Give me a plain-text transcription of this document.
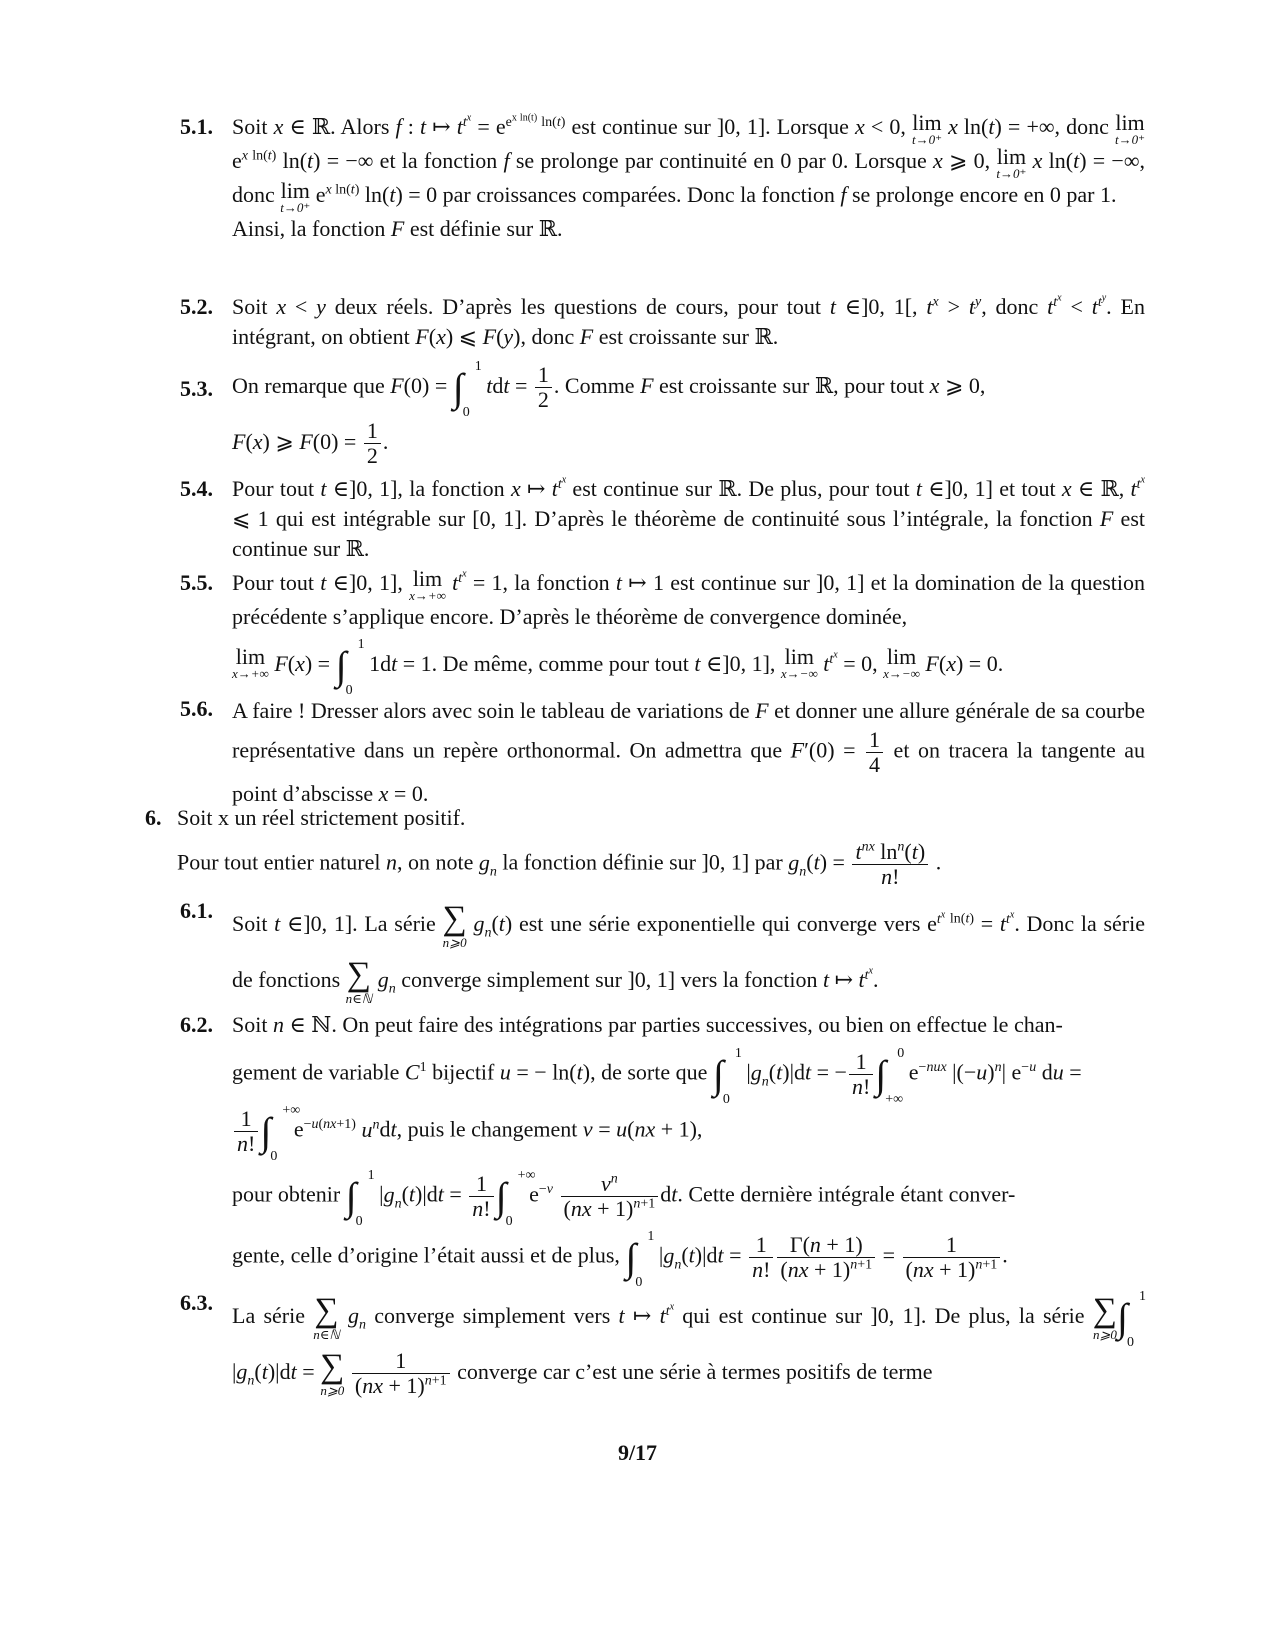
5.1. Soit x ∈ ℝ. Alors f : t ↦ $t^{t^x} = e^{e^{x ln(t)} ln(t)}$ est continue sur ]0, 1]. Lorsque x < 0, lim
t→0⁺
x ln(t) = +∞, donc lim
t→0⁺
$e^{x ln(t)}$ ln(t) = −∞ et la fonction f se prolonge par continuité en 0 par 0. Lorsque x ⩾ 0, lim
t→0⁺
x ln(t) = −∞, donc lim
t→0⁺
$e^{x ln(t)}$ ln(t) = 0 par croissances comparées. Donc la fonction f se prolonge encore en 0 par 1.
Ainsi, la fonction F est définie sur ℝ.
5.2. Soit x < y deux réels. D’après les questions de cours, pour tout t ∈]0, 1[, $t^x > t^y$, donc $t^{t^x} < t^{t^y}$. En intégrant, on obtient F(x) ⩽ F(y), donc F est croissante sur ℝ.
5.3. On remarque que F(0) = ∫ 1
0
tdt = $\frac{1}{2}$ . Comme F est croissante sur ℝ, pour tout x ⩾ 0,
F(x) ⩾ $F(0) = \frac{1}{2}$ .
5.4. Pour tout t ∈]0, 1], la fonction x ↦ $t^{t^x}$ est continue sur ℝ. De plus, pour tout t ∈]0, 1] et tout x ∈ ℝ, $t^{t^x}$ ⩽ 1 qui est intégrable sur [0, 1]. D’après le théorème de continuité sous l’intégrale, la fonction F est continue sur ℝ.
5.5. Pour tout t ∈]0, 1], lim
x→+∞
$t^{t^x} = 1$, la fonction t ↦ 1 est continue sur ]0, 1] et la domination de la question précédente s’applique encore. D’après le théorème de convergence dominée,
lim
x→+∞ F(x) = ∫ 1
0
1dt = 1. De même, comme pour tout t ∈]0, 1], lim
x→−∞ $t^{t^x} = 0$, lim
x→−∞ F(x) = 0.
5.6. A faire ! Dresser alors avec soin le tableau de variations de F et donner une allure générale de sa courbe représentative dans un repère orthonormal. On admettra que $F'(0) = \frac{1}{4}$ et on tracera la tangente au point d’abscisse x = 0.
6. Soit x un réel strictement positif.
Pour tout entier naturel n, on note $g_n$ la fonction définie sur ]0, 1] par $g_n(t) = \frac{t^{nx} \ln^n(t)}{n!}$ .
6.1.
Soit t ∈]0, 1]. La série ∑
n⩾0
$g_n(t)$ est une série exponentielle qui converge vers $e^{t^x ln(t)} = t^{t^x}$. Donc la série de fonctions ∑
n∈ℕ
$g_n$ converge simplement sur ]0, 1] vers la fonction t ↦ $t^{t^x}$.
6.2. Soit n ∈ ℕ. On peut faire des intégrations par parties successives, ou bien on effectue le chan-
gement de variable $C^1$ bijectif u = − ln(t), de sorte que ∫ 1
0
$|g_n(t)|dt$ = − $\frac{1}{n!}$ ∫ 0
+∞
$e^{-nux}$ $|(-u)^n|$ $e^{-u}$ du =

$\frac{1}{n!}$ ∫ +∞
0
$e^{-u(nx+1)}$ $u^ndt$, puis le changement v = u(nx + 1),
pour obtenir ∫ 1
0
$|g_n(t)|dt = \frac{1}{n!}$ ∫ +∞
0
$e^{-v} \frac{v^n}{(nx + 1)^{n+1}}$ dt. Cette dernière intégrale étant conver-
gente, celle d’origine l’était aussi et de plus, ∫ 1
0
$|g_n(t)|dt = \frac{1}{n!} \frac{\Gamma(n + 1)}{(nx + 1)^{n+1}} = \frac{1}{(nx + 1)^{n+1}}$ .
6.3.
La série ∑
n∈ℕ
$g_n$ converge simplement vers t ↦ $t^{t^x}$ qui est continue sur ]0, 1]. De plus, la série ∑
n⩾0 ∫ 1
0
$|g_n(t)|dt$ = ∑
n⩾0
$\frac{1}{(nx + 1)^{n+1}}$ converge car c’est une série à termes positifs de terme
9/17
